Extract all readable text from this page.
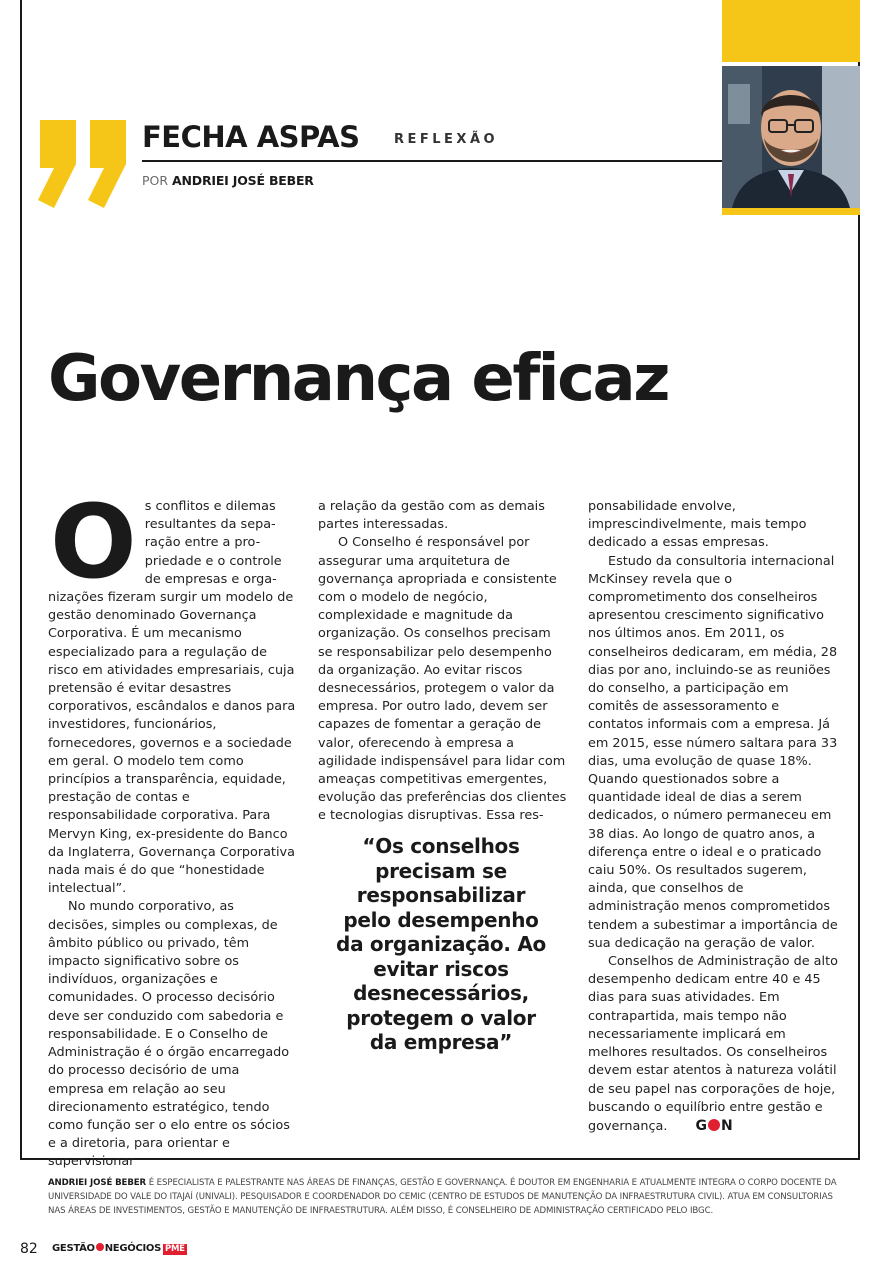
FECHA ASPAS	REFLEXÃO
POR ANDRIEI JOSÉ BEBER
Governança eficaz
O s conflitos e dilemas
resultantes da sepa-
ração entre a pro-
priedade e o controle
de empresas e orga-

nizações fizeram surgir um modelo de gestão denominado Governança Corporativa. É um mecanismo especializado para a regulação de risco em atividades empresariais, cuja pretensão é evitar desastres corporativos, escândalos e danos para investidores, funcionários, fornecedores, governos e a sociedade em geral. O modelo tem como princípios a transparência, equidade, prestação de contas e responsabilidade corporativa. Para Mervyn King, ex-presidente do Banco da Inglaterra, Governança Corporativa nada mais é do que “honestidade intelectual”.

No mundo corporativo, as decisões, simples ou complexas, de âmbito público ou privado, têm impacto significativo sobre os indivíduos, organizações e comunidades. O processo decisório deve ser conduzido com sabedoria e responsabilidade. E o Conselho de Administração é o órgão encarregado do processo decisório de uma empresa em relação ao seu direcionamento estratégico, tendo como função ser o elo entre os sócios e a diretoria, para orientar e supervisionar

a relação da gestão com as demais partes interessadas.

O Conselho é responsável por assegurar uma arquitetura de governança apropriada e consistente com o modelo de negócio, complexidade e magnitude da organização. Os conselhos precisam se responsabilizar pelo desempenho da organização. Ao evitar riscos desnecessários, protegem o valor da empresa. Por outro lado, devem ser capazes de fomentar a geração de valor, oferecendo à empresa a agilidade indispensável para lidar com ameaças competitivas emergentes, evolução das preferências dos clientes e tecnologias disruptivas. Essa res-

“Os conselhos precisam se responsabilizar pelo desempenho da organização. Ao evitar riscos desnecessários, protegem o valor da empresa”

ponsabilidade envolve, imprescindivelmente, mais tempo dedicado a essas empresas.

Estudo da consultoria internacional McKinsey revela que o comprometimento dos conselheiros apresentou crescimento significativo nos últimos anos. Em 2011, os conselheiros dedicaram, em média, 28 dias por ano, incluindo-se as reuniões do conselho, a participação em comitês de assessoramento e contatos informais com a empresa. Já em 2015, esse número saltara para 33 dias, uma evolução de quase 18%. Quando questionados sobre a quantidade ideal de dias a serem dedicados, o número permaneceu em 38 dias. Ao longo de quatro anos, a diferença entre o ideal e o praticado caiu 50%. Os resultados sugerem, ainda, que conselhos de administração menos comprometidos tendem a subestimar a importância de sua dedicação na geração de valor.

Conselhos de Administração de alto desempenho dedicam entre 40 e 45 dias para suas atividades. Em contrapartida, mais tempo não necessariamente implicará em melhores resultados. Os conselheiros devem estar atentos à natureza volátil de seu papel nas corporações de hoje, buscando o equilíbrio entre gestão e governança. G N

ANDRIEI JOSÉ BEBER É ESPECIALISTA E PALESTRANTE NAS ÁREAS DE FINANÇAS, GESTÃO E GOVERNANÇA. É DOUTOR EM ENGENHARIA E ATUALMENTE INTEGRA O CORPO DOCENTE DA
UNIVERSIDADE DO VALE DO ITAJAÍ (UNIVALI). PESQUISADOR E COORDENADOR DO CEMIC (CENTRO DE ESTUDOS DE MANUTENÇÃO DA INFRAESTRUTURA CIVIL). ATUA EM CONSULTORIAS
NAS ÁREAS DE INVESTIMENTOS, GESTÃO E MANUTENÇÃO DE INFRAESTRUTURA. ALÉM DISSO, É CONSELHEIRO DE ADMINISTRAÇÃO CERTIFICADO PELO IBGC.
82 GESTÃO NEGÓCIOS PME
